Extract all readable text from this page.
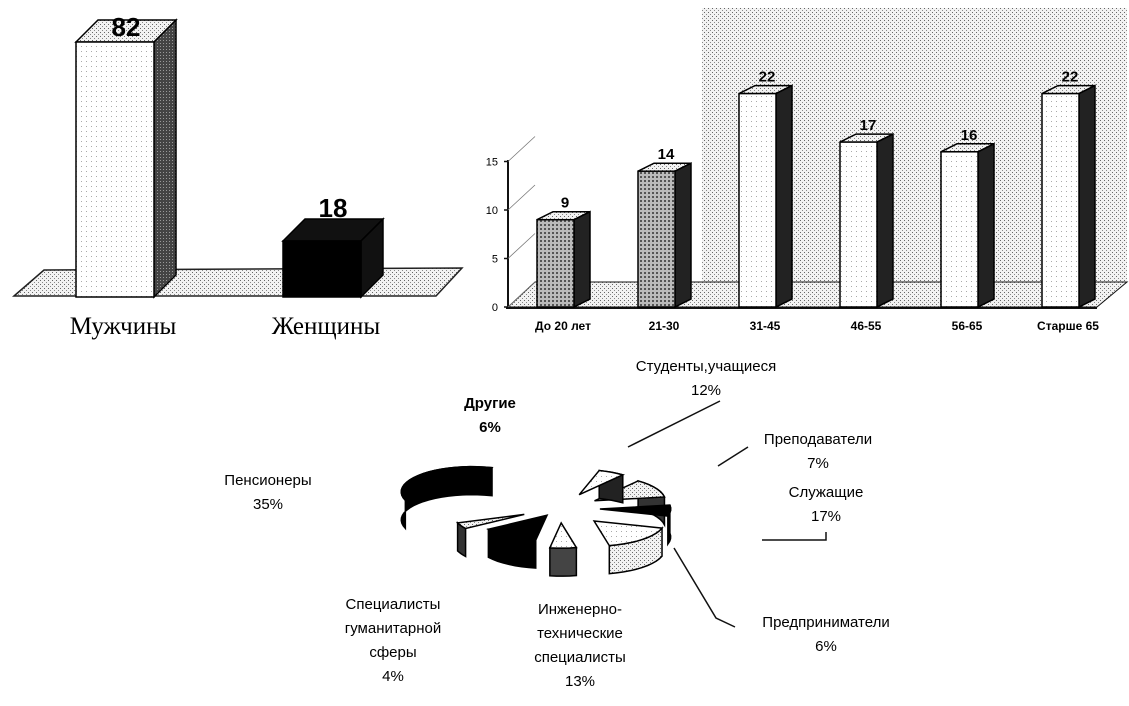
82
Мужчины
18
Женщины
0
5
10
15
9
До 20 лет
14
21-30
22
31-45
17
46-55
16
56-65
22
Старше 65
Студенты,учащиеся
12%
Преподаватели
7%
Служащие
17%
Предприниматели
6%
Инженерно-
технические
специалисты
13%
Специалисты
гуманитарной
сферы
4%
Пенсионеры
35%
Другие
6%
